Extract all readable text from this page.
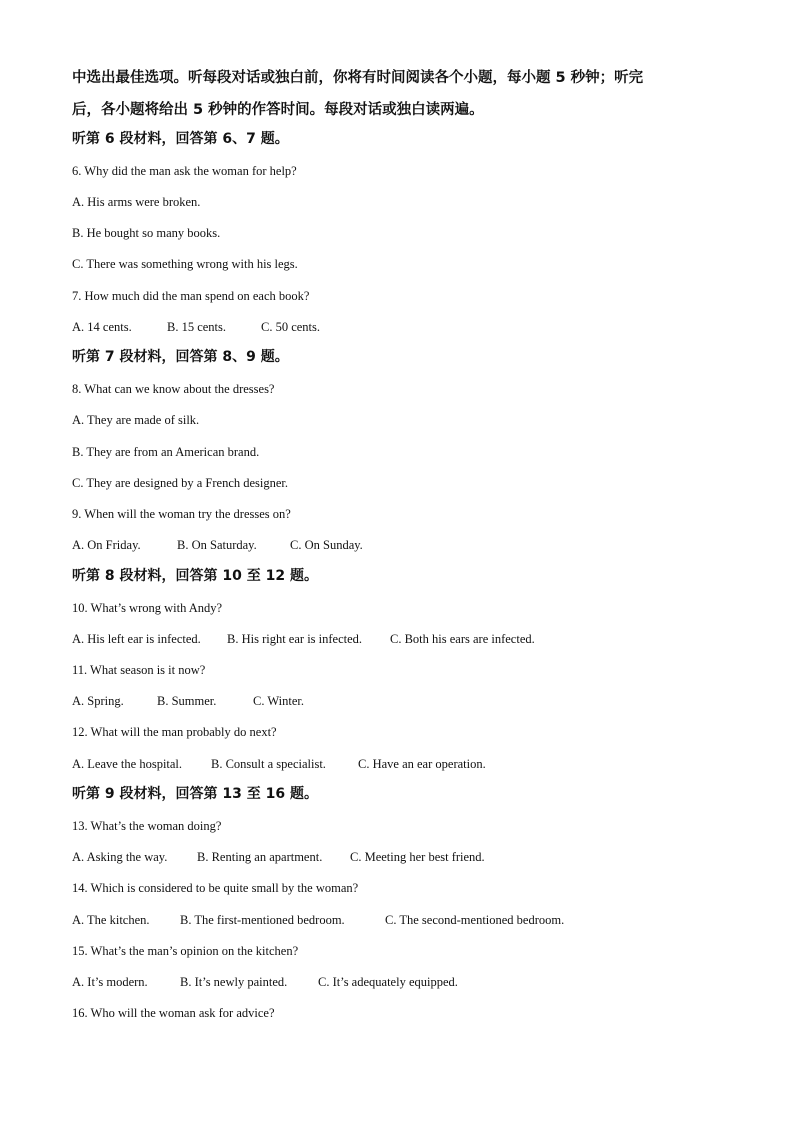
中选出最佳选项。听每段对话或独白前，你将有时间阅读各个小题，每小题 5 秒钟；听完
后，各小题将给出 5 秒钟的作答时间。每段对话或独白读两遍。
听第 6 段材料，回答第 6、7 题。
6. Why did the man ask the woman for help?
A. His arms were broken.
B. He bought so many books.
C. There was something wrong with his legs.
7. How much did the man spend on each book?
A. 14 cents.	B. 15 cents.	C. 50 cents.
听第 7 段材料，回答第 8、9 题。
8. What can we know about the dresses?
A. They are made of silk.
B. They are from an American brand.
C. They are designed by a French designer.
9. When will the woman try the dresses on?
A. On Friday.	B. On Saturday.	C. On Sunday.
听第 8 段材料，回答第 10 至 12 题。
10. What’s wrong with Andy?
A. His left ear is infected. B. His right ear is infected. C. Both his ears are infected.
11. What season is it now?
A. Spring.	B. Summer.	C. Winter.
12. What will the man probably do next?
A. Leave the hospital. B. Consult a specialist.	C. Have an ear operation.
听第 9 段材料，回答第 13 至 16 题。
13. What’s the woman doing?
A. Asking the way. B. Renting an apartment. C. Meeting her best friend.
14. Which is considered to be quite small by the woman?
A. The kitchen. B. The first-mentioned bedroom.	C. The second-mentioned bedroom.
15. What’s the man’s opinion on the kitchen?
A. It’s modern.	B. It’s newly painted. C. It’s adequately equipped.
16. Who will the woman ask for advice?
